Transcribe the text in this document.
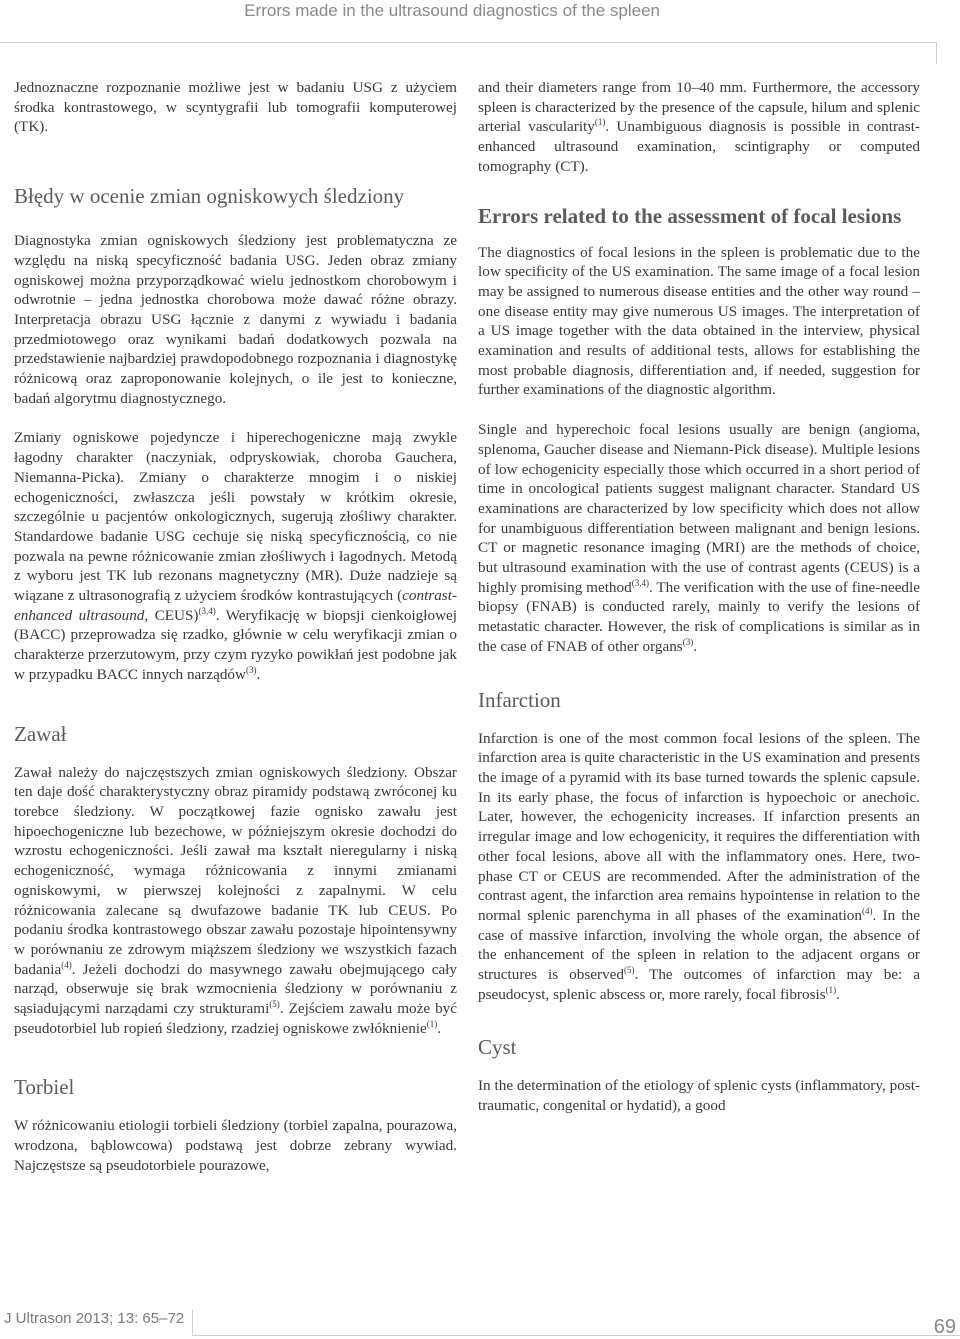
Errors made in the ultrasound diagnostics of the spleen

Jednoznaczne rozpoznanie możliwe jest w badaniu USG z użyciem środka kontrastowego, w scyntygrafii lub tomografii komputerowej (TK).

Błędy w ocenie zmian ogniskowych śledziony

Diagnostyka zmian ogniskowych śledziony jest problematyczna ze względu na niską specyficzność badania USG. Jeden obraz zmiany ogniskowej można przyporządkować wielu jednostkom chorobowym i odwrotnie – jedna jednostka chorobowa może dawać różne obrazy. Interpretacja obrazu USG łącznie z danymi z wywiadu i badania przedmiotowego oraz wynikami badań dodatkowych pozwala na przedstawienie najbardziej prawdopodobnego rozpoznania i diagnostykę różnicową oraz zaproponowanie kolejnych, o ile jest to konieczne, badań algorytmu diagnostycznego.

Zmiany ogniskowe pojedyncze i hiperechogeniczne mają zwykle łagodny charakter (naczyniak, odpryskowiak, choroba Gauchera, Niemanna-Picka). Zmiany o charakterze mnogim i o niskiej echogeniczności, zwłaszcza jeśli powstały w krótkim okresie, szczególnie u pacjentów onkologicznych, sugerują złośliwy charakter. Standardowe badanie USG cechuje się niską specyficznością, co nie pozwala na pewne różnicowanie zmian złośliwych i łagodnych. Metodą z wyboru jest TK lub rezonans magnetyczny (MR). Duże nadzieje są wiązane z ultrasonografią z użyciem środków kontrastujących (contrast-enhanced ultrasound, CEUS)$^{(3,4)}$. Weryfikację w biopsji cienkoigłowej (BACC) przeprowadza się rzadko, głównie w celu weryfikacji zmian o charakterze przerzutowym, przy czym ryzyko powikłań jest podobne jak w przypadku BACC innych narządów$^{(3)}$.

Zawał

Zawał należy do najczęstszych zmian ogniskowych śledziony. Obszar ten daje dość charakterystyczny obraz piramidy podstawą zwróconej ku torebce śledziony. W początkowej fazie ognisko zawału jest hipoechogeniczne lub bezechowe, w późniejszym okresie dochodzi do wzrostu echogeniczności. Jeśli zawał ma kształt nieregularny i niską echogeniczność, wymaga różnicowania z innymi zmianami ogniskowymi, w pierwszej kolejności z zapalnymi. W celu różnicowania zalecane są dwufazowe badanie TK lub CEUS. Po podaniu środka kontrastowego obszar zawału pozostaje hipointensywny w porównaniu ze zdrowym miąższem śledziony we wszystkich fazach badania$^{(4)}$. Jeżeli dochodzi do masywnego zawału obejmującego cały narząd, obserwuje się brak wzmocnienia śledziony w porównaniu z sąsiadującymi narządami czy strukturami$^{(5)}$. Zejściem zawału może być pseudotorbiel lub ropień śledziony, rzadziej ogniskowe zwłóknienie$^{(1)}$.

Torbiel

W różnicowaniu etiologii torbieli śledziony (torbiel zapalna, pourazowa, wrodzona, bąblowcowa) podstawą jest dobrze zebrany wywiad. Najczęstsze są pseudotorbiele pourazowe,

and their diameters range from 10–40 mm. Furthermore, the accessory spleen is characterized by the presence of the capsule, hilum and splenic arterial vascularity$^{(1)}$. Unambiguous diagnosis is possible in contrast-enhanced ultrasound examination, scintigraphy or computed tomography (CT).

Errors related to the assessment of focal lesions

The diagnostics of focal lesions in the spleen is problematic due to the low specificity of the US examination. The same image of a focal lesion may be assigned to numerous disease entities and the other way round – one disease entity may give numerous US images. The interpretation of a US image together with the data obtained in the interview, physical examination and results of additional tests, allows for establishing the most probable diagnosis, differentiation and, if needed, suggestion for further examinations of the diagnostic algorithm.

Single and hyperechoic focal lesions usually are benign (angioma, splenoma, Gaucher disease and Niemann-Pick disease). Multiple lesions of low echogenicity especially those which occurred in a short period of time in oncological patients suggest malignant character. Standard US examinations are characterized by low specificity which does not allow for unambiguous differentiation between malignant and benign lesions. CT or magnetic resonance imaging (MRI) are the methods of choice, but ultrasound examination with the use of contrast agents (CEUS) is a highly promising method$^{(3,4)}$. The verification with the use of fine-needle biopsy (FNAB) is conducted rarely, mainly to verify the lesions of metastatic character. However, the risk of complications is similar as in the case of FNAB of other organs$^{(3)}$.

Infarction

Infarction is one of the most common focal lesions of the spleen. The infarction area is quite characteristic in the US examination and presents the image of a pyramid with its base turned towards the splenic capsule. In its early phase, the focus of infarction is hypoechoic or anechoic. Later, however, the echogenicity increases. If infarction presents an irregular image and low echogenicity, it requires the differentiation with other focal lesions, above all with the inflammatory ones. Here, two-phase CT or CEUS are recommended. After the administration of the contrast agent, the infarction area remains hypointense in relation to the normal splenic parenchyma in all phases of the examination$^{(4)}$. In the case of massive infarction, involving the whole organ, the absence of the enhancement of the spleen in relation to the adjacent organs or structures is observed$^{(5)}$. The outcomes of infarction may be: a pseudocyst, splenic abscess or, more rarely, focal fibrosis$^{(1)}$.

Cyst

In the determination of the etiology of splenic cysts (inflammatory, post-traumatic, congenital or hydatid), a good

J Ultrason 2013; 13: 65–72	69
